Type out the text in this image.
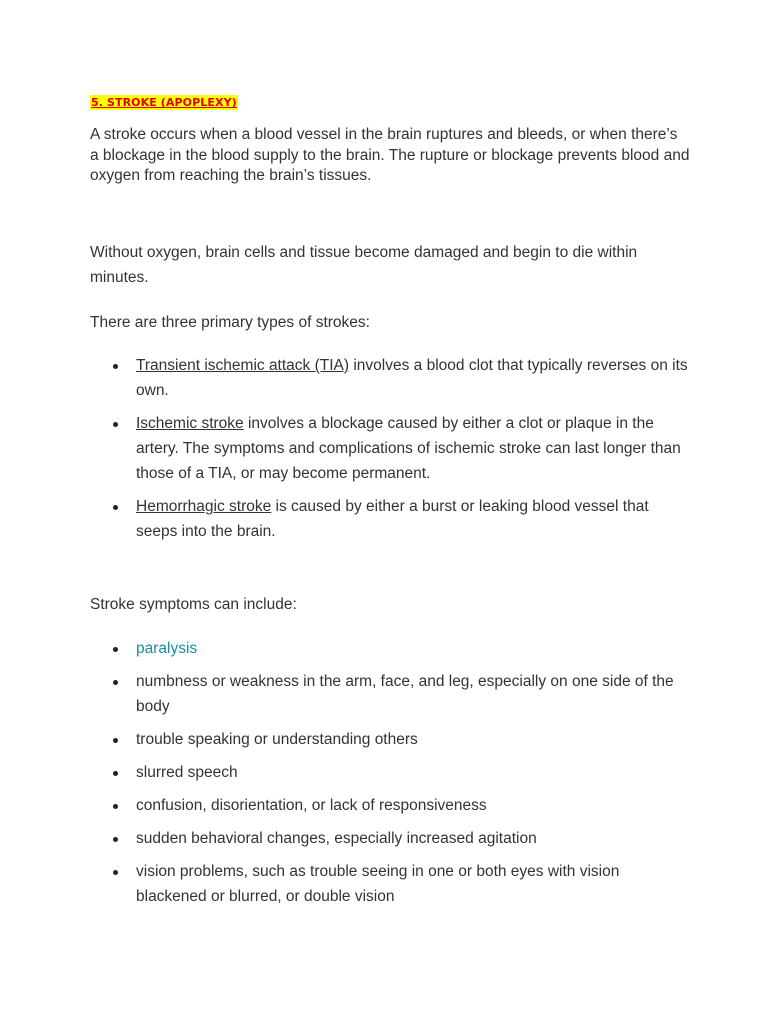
5. STROKE (APOPLEXY)

A stroke occurs when a blood vessel in the brain ruptures and bleeds, or when there’s a blockage in the blood supply to the brain. The rupture or blockage prevents blood and oxygen from reaching the brain’s tissues.

Without oxygen, brain cells and tissue become damaged and begin to die within minutes.

There are three primary types of strokes:

Transient ischemic attack (TIA) involves a blood clot that typically reverses on its own.
Ischemic stroke involves a blockage caused by either a clot or plaque in the artery. The symptoms and complications of ischemic stroke can last longer than those of a TIA, or may become permanent.
Hemorrhagic stroke is caused by either a burst or leaking blood vessel that seeps into the brain.

Stroke symptoms can include:

paralysis
numbness or weakness in the arm, face, and leg, especially on one side of the body
trouble speaking or understanding others
slurred speech
confusion, disorientation, or lack of responsiveness
sudden behavioral changes, especially increased agitation
vision problems, such as trouble seeing in one or both eyes with vision blackened or blurred, or double vision
